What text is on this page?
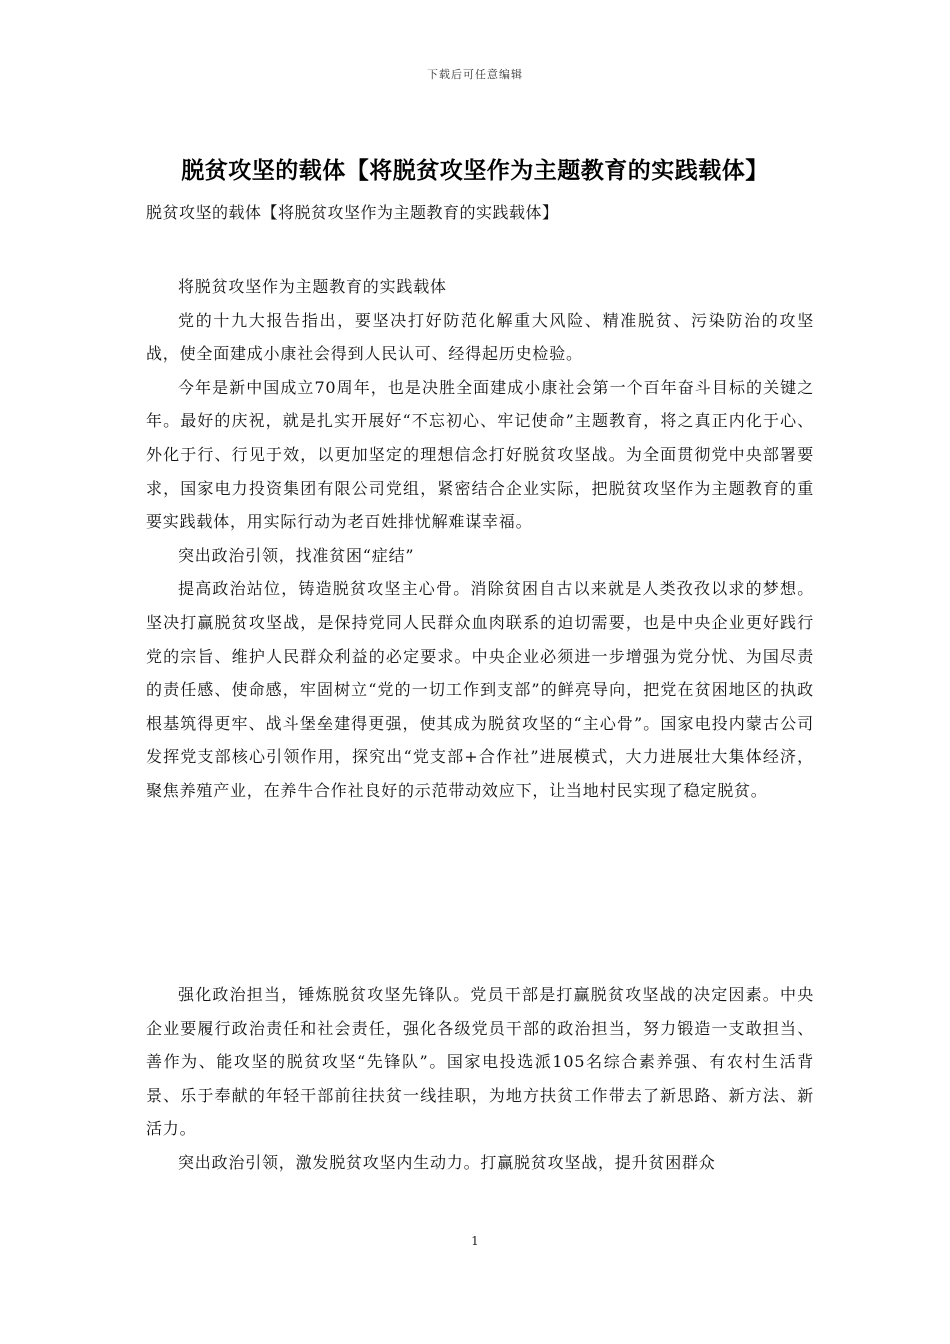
下载后可任意编辑
脱贫攻坚的载体【将脱贫攻坚作为主题教育的实践载体】
脱贫攻坚的载体【将脱贫攻坚作为主题教育的实践载体】

将脱贫攻坚作为主题教育的实践载体

党的十九大报告指出，要坚决打好防范化解重大风险、精准脱贫、污染防治的攻坚战，使全面建成小康社会得到人民认可、经得起历史检验。

今年是新中国成立70周年，也是决胜全面建成小康社会第一个百年奋斗目标的关键之年。最好的庆祝，就是扎实开展好“不忘初心、牢记使命”主题教育，将之真正内化于心、外化于行、行见于效，以更加坚定的理想信念打好脱贫攻坚战。为全面贯彻党中央部署要求，国家电力投资集团有限公司党组，紧密结合企业实际，把脱贫攻坚作为主题教育的重要实践载体，用实际行动为老百姓排忧解难谋幸福。

突出政治引领，找准贫困“症结”

提高政治站位，铸造脱贫攻坚主心骨。消除贫困自古以来就是人类孜孜以求的梦想。坚决打赢脱贫攻坚战，是保持党同人民群众血肉联系的迫切需要，也是中央企业更好践行党的宗旨、维护人民群众利益的必定要求。中央企业必须进一步增强为党分忧、为国尽责的责任感、使命感，牢固树立“党的一切工作到支部”的鲜亮导向，把党在贫困地区的执政根基筑得更牢、战斗堡垒建得更强，使其成为脱贫攻坚的“主心骨”。国家电投内蒙古公司发挥党支部核心引领作用，探究出“党支部+合作社”进展模式，大力进展壮大集体经济，聚焦养殖产业，在养牛合作社良好的示范带动效应下，让当地村民实现了稳定脱贫。

强化政治担当，锤炼脱贫攻坚先锋队。党员干部是打赢脱贫攻坚战的决定因素。中央企业要履行政治责任和社会责任，强化各级党员干部的政治担当，努力锻造一支敢担当、善作为、能攻坚的脱贫攻坚“先锋队”。国家电投选派105名综合素养强、有农村生活背景、乐于奉献的年轻干部前往扶贫一线挂职，为地方扶贫工作带去了新思路、新方法、新活力。

突出政治引领，激发脱贫攻坚内生动力。打赢脱贫攻坚战，提升贫困群众

1
